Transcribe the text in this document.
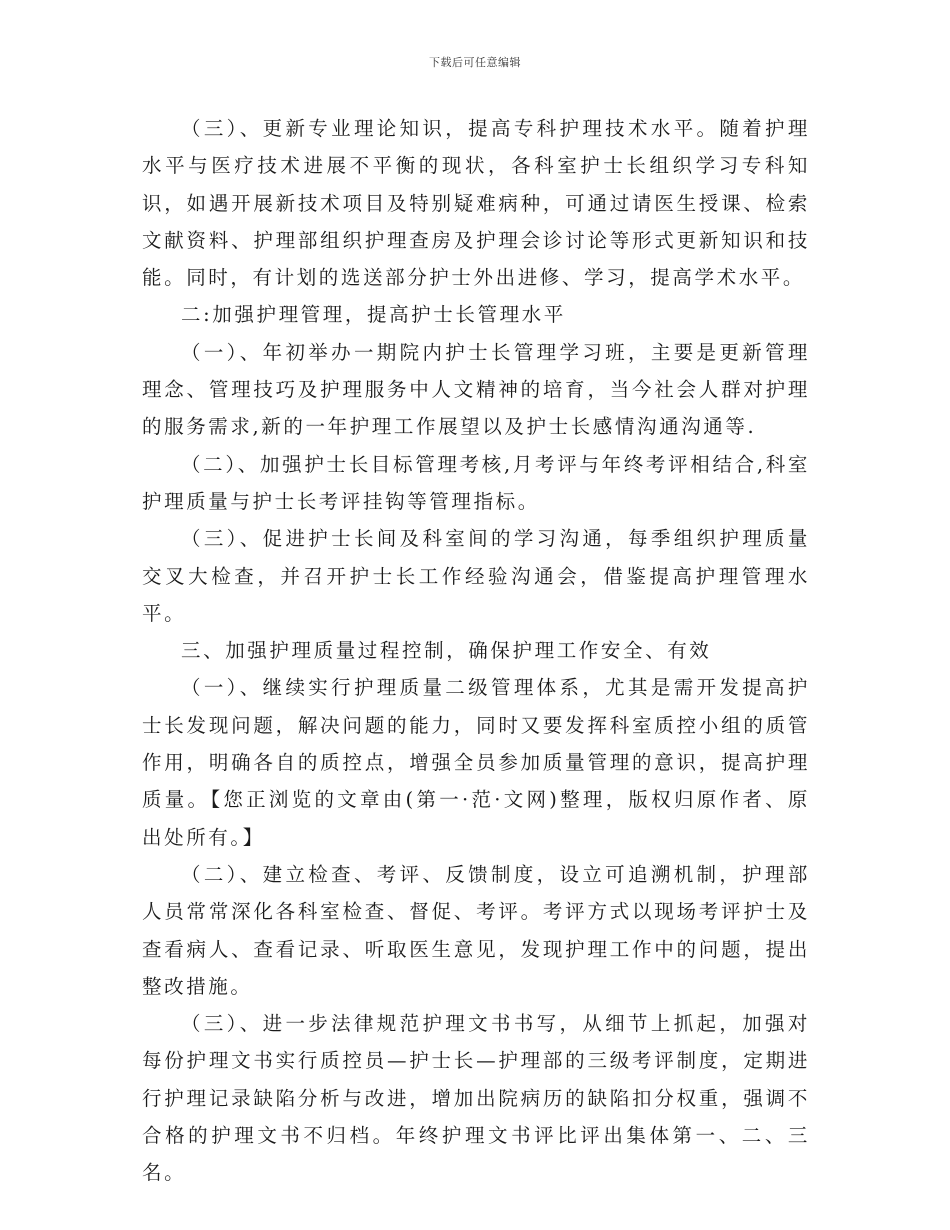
下载后可任意编辑

（三）、更新专业理论知识，提高专科护理技术水平。随着护理水平与医疗技术进展不平衡的现状，各科室护士长组织学习专科知识，如遇开展新技术项目及特别疑难病种，可通过请医生授课、检索文献资料、护理部组织护理查房及护理会诊讨论等形式更新知识和技能。同时，有计划的选送部分护士外出进修、学习，提高学术水平。

二:加强护理管理，提高护士长管理水平

（一）、年初举办一期院内护士长管理学习班，主要是更新管理理念、管理技巧及护理服务中人文精神的培育，当今社会人群对护理的服务需求,新的一年护理工作展望以及护士长感情沟通沟通等.

（二）、加强护士长目标管理考核,月考评与年终考评相结合,科室护理质量与护士长考评挂钩等管理指标。

（三）、促进护士长间及科室间的学习沟通，每季组织护理质量交叉大检查，并召开护士长工作经验沟通会，借鉴提高护理管理水平。

三、加强护理质量过程控制，确保护理工作安全、有效

（一）、继续实行护理质量二级管理体系，尤其是需开发提高护士长发现问题，解决问题的能力，同时又要发挥科室质控小组的质管作用，明确各自的质控点，增强全员参加质量管理的意识，提高护理质量。【您正浏览的文章由(第一·范·文网)整理，版权归原作者、原出处所有。】

（二）、建立检查、考评、反馈制度，设立可追溯机制，护理部人员常常深化各科室检查、督促、考评。考评方式以现场考评护士及查看病人、查看记录、听取医生意见，发现护理工作中的问题，提出整改措施。

（三）、进一步法律规范护理文书书写，从细节上抓起，加强对每份护理文书实行质控员—护士长—护理部的三级考评制度，定期进行护理记录缺陷分析与改进，增加出院病历的缺陷扣分权重，强调不合格的护理文书不归档。年终护理文书评比评出集体第一、二、三名。
